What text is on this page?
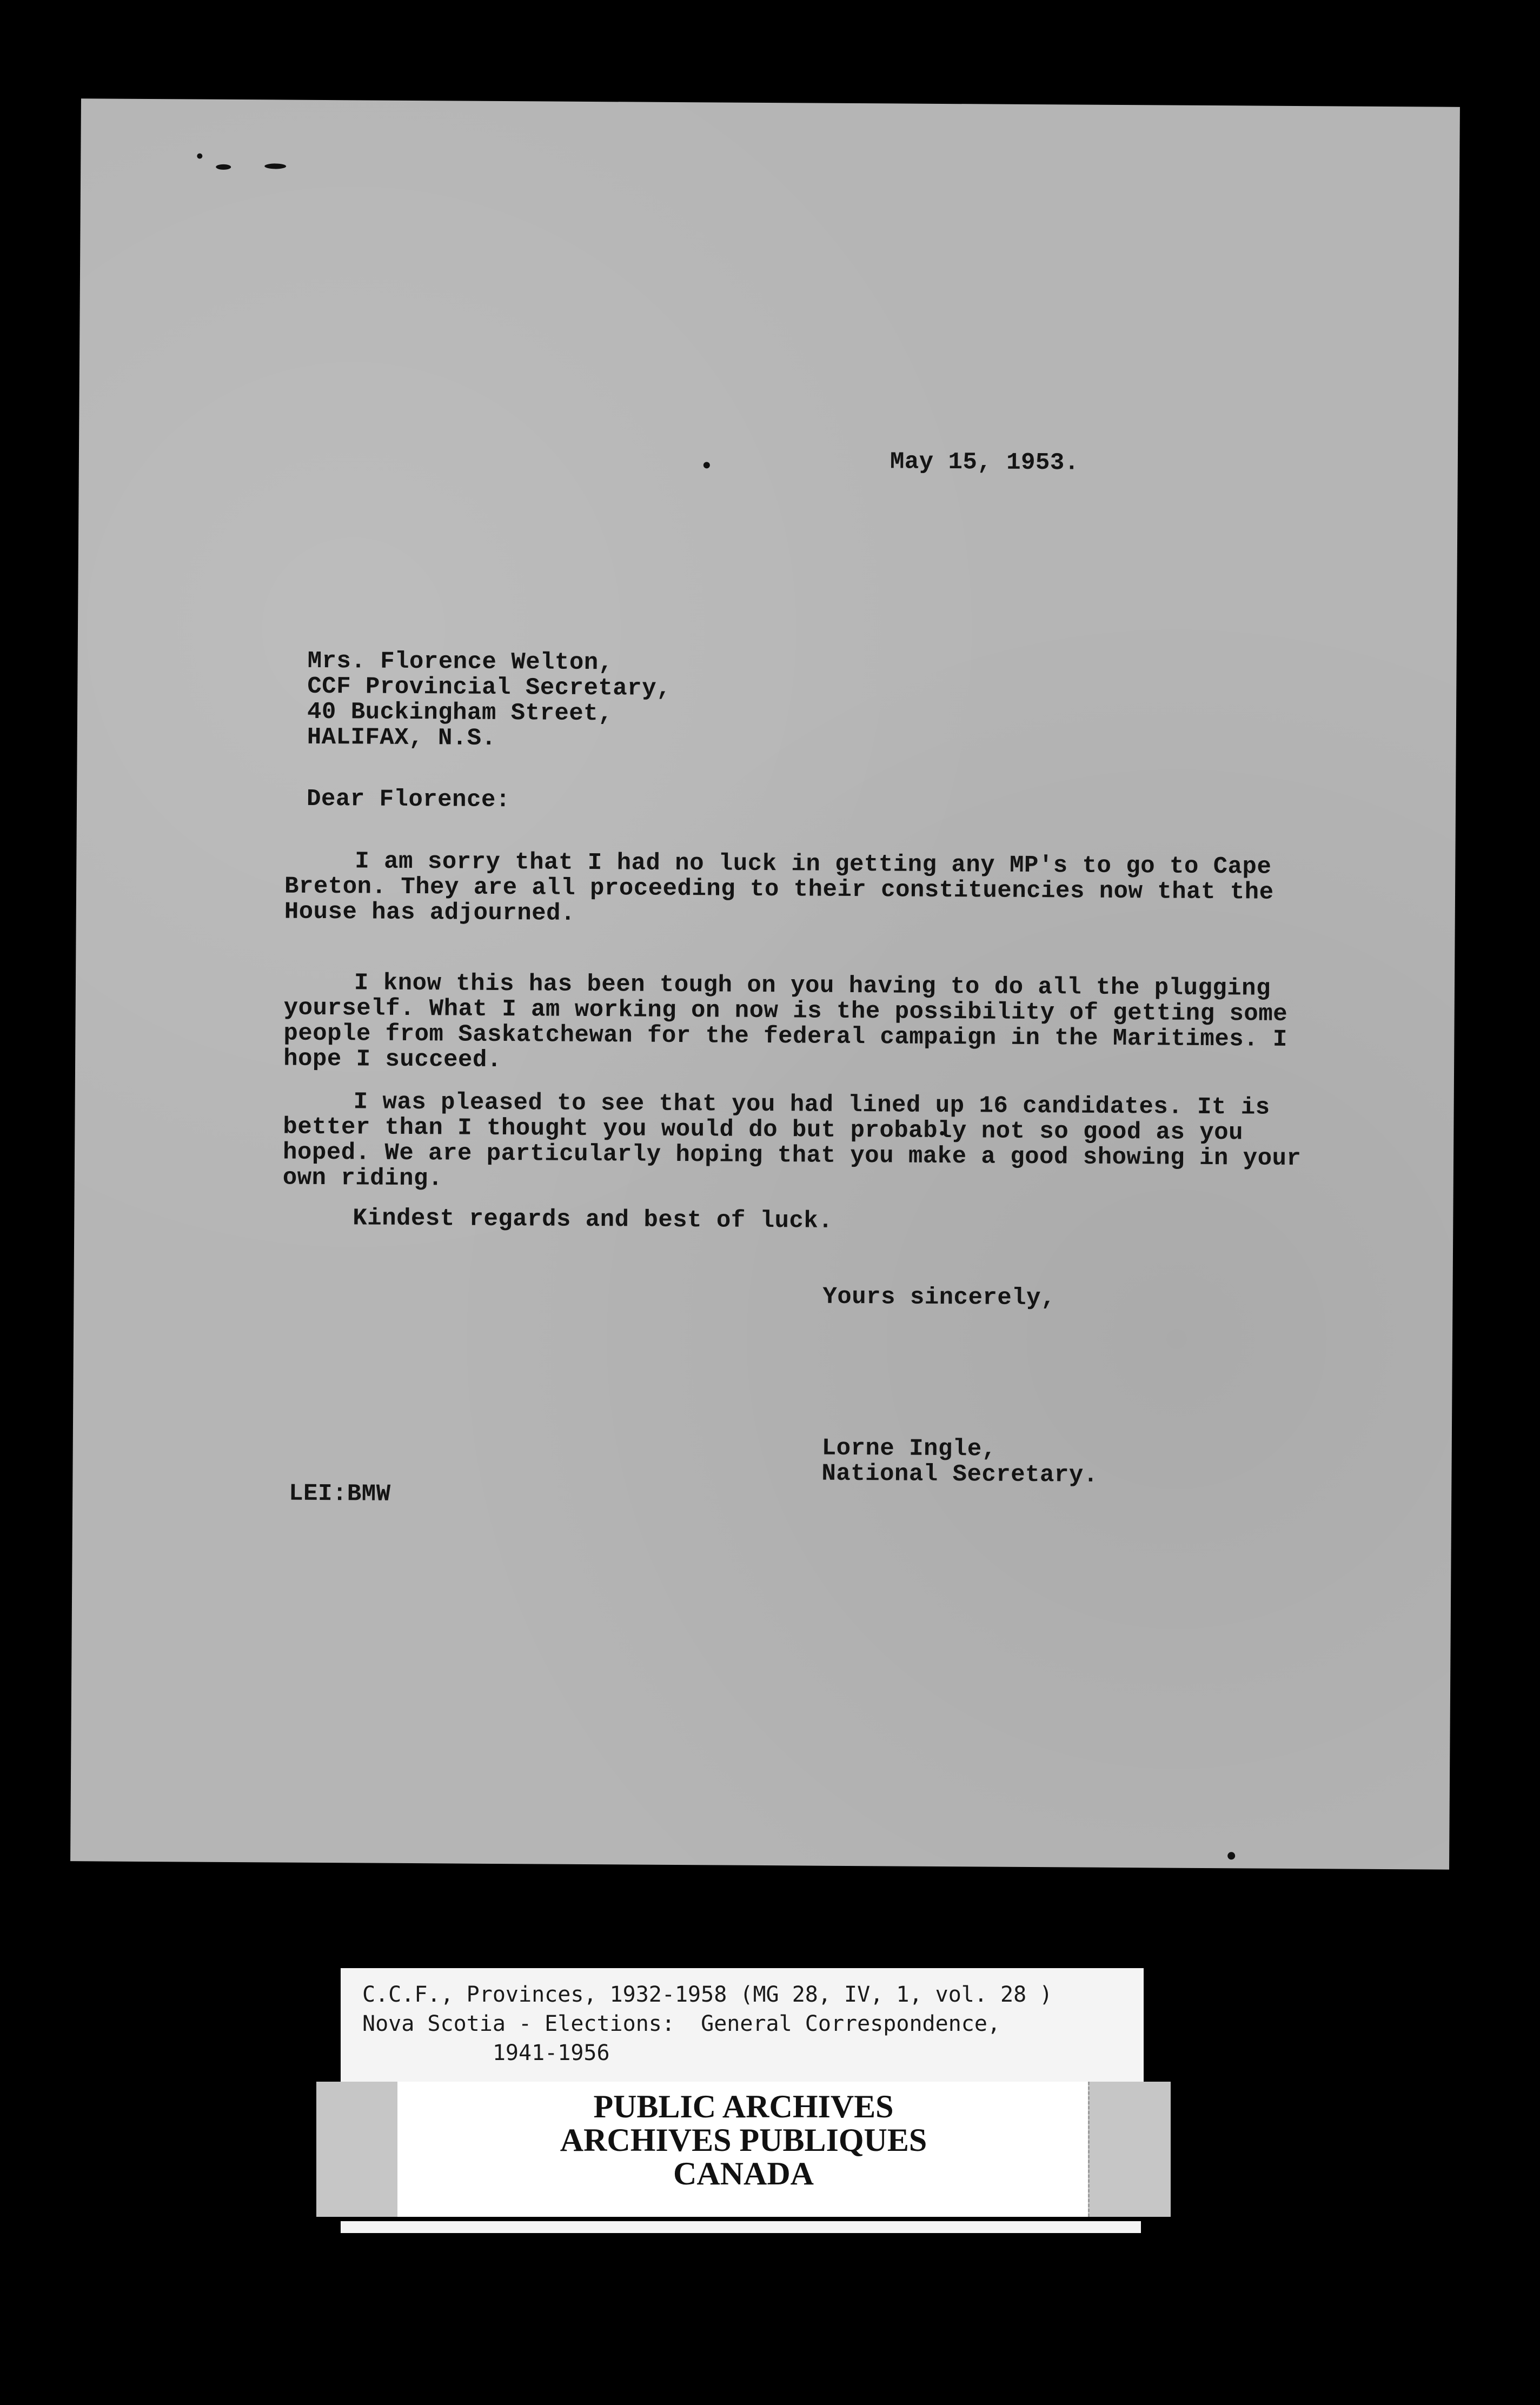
May 15, 1953.
Mrs. Florence Welton,
CCF Provincial Secretary,
40 Buckingham Street,
HALIFAX, N.S.
Dear Florence:
I am sorry that I had no luck in getting any MP's to go to Cape Breton. They are all proceeding to their constituencies now that the House has adjourned.
I know this has been tough on you having to do all the plugging yourself. What I am working on now is the possibility of getting some people from Saskatchewan for the federal campaign in the Maritimes. I hope I succeed.
I was pleased to see that you had lined up 16 candidates. It is better than I thought you would do but probably not so good as you hoped. We are particularly hoping that you make a good showing in your own riding.
Kindest regards and best of luck.
Yours sincerely,
Lorne Ingle,
National Secretary.
LEI:BMW
C.C.F., Provinces, 1932-1958 (MG 28, IV, 1, vol. 28 )
Nova Scotia - Elections:  General Correspondence,
1941-1956
PUBLIC ARCHIVES
ARCHIVES PUBLIQUES
CANADA
